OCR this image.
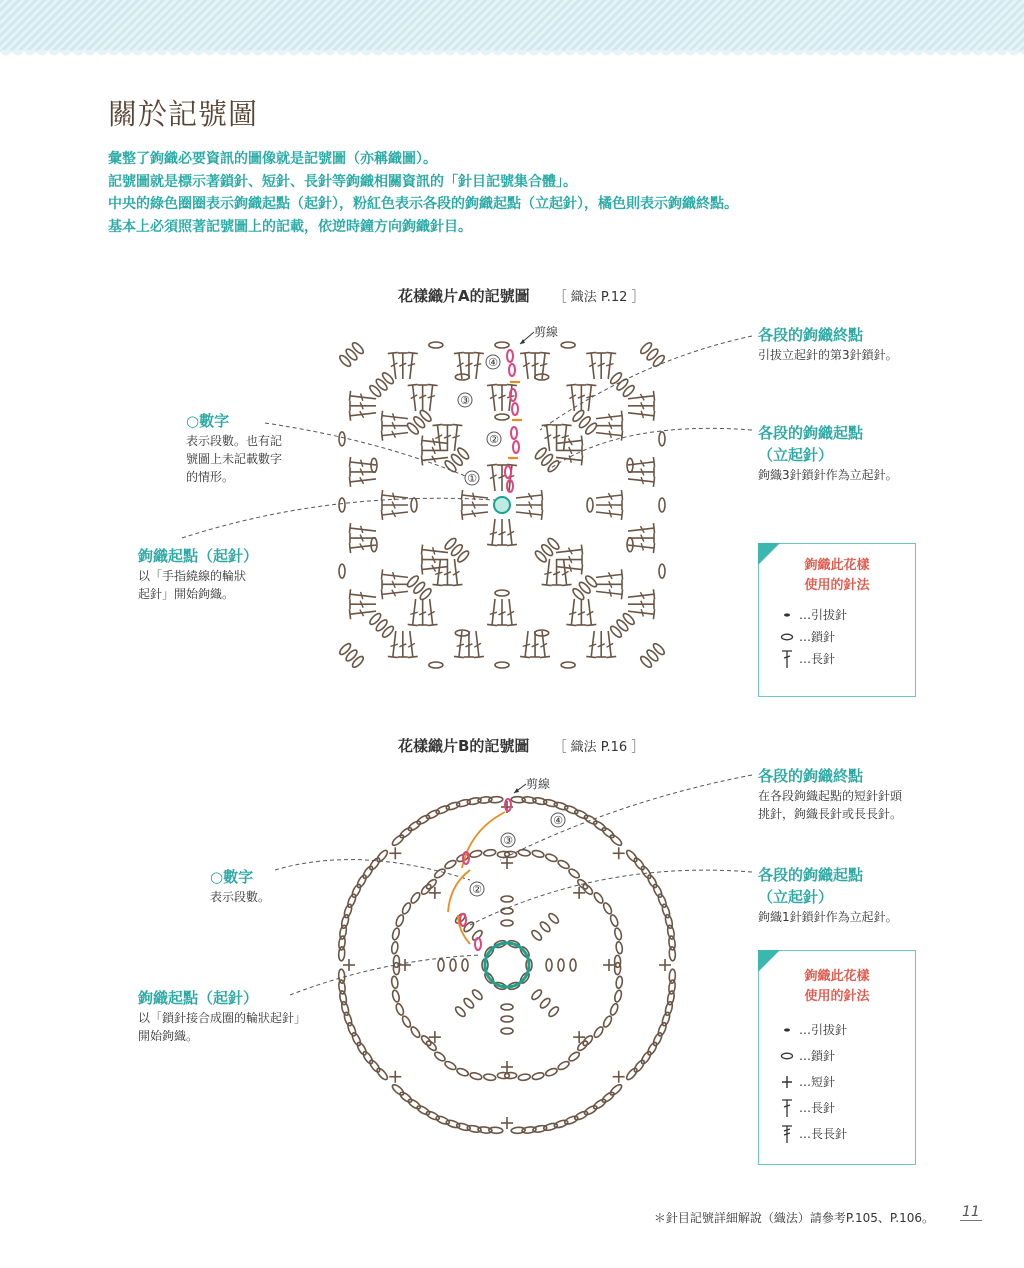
關於記號圖
彙整了鉤織必要資訊的圖像就是記號圖（亦稱織圖）。
記號圖就是標示著鎖針、短針、長針等鉤織相關資訊的「針目記號集合體」。
中央的綠色圈圈表示鉤織起點（起針），粉紅色表示各段的鉤織起點（立起針），橘色則表示鉤織終點。
基本上必須照著記號圖上的記載，依逆時鐘方向鉤織針目。
花樣織片A的記號圖 ［ 織法 P.12 ］
○數字
表示段數。也有記
號圖上未記載數字
的情形。
鉤織起點（起針）
以「手指繞線的輪狀
起針」開始鉤織。
各段的鉤織終點
引拔立起針的第3針鎖針。
各段的鉤織起點
（立起針）
鉤織3針鎖針作為立起針。
鉤織此花樣
使用的針法
…引拔針
…鎖針
…長針
花樣織片B的記號圖 ［ 織法 P.16 ］
○數字
表示段數。
鉤織起點（起針）
以「鎖針接合成圈的輪狀起針」
開始鉤織。
各段的鉤織終點
在各段鉤織起點的短針針頭
挑針，鉤織長針或長長針。
各段的鉤織起點
（立起針）
鉤織1針鎖針作為立起針。
鉤織此花樣
使用的針法
…引拔針
…鎖針
…短針
…長針
…長長針
剪線
①
②
③
④
剪線
②
③
④
＊針目記號詳細解說（織法）請參考P.105、P.106。 11
